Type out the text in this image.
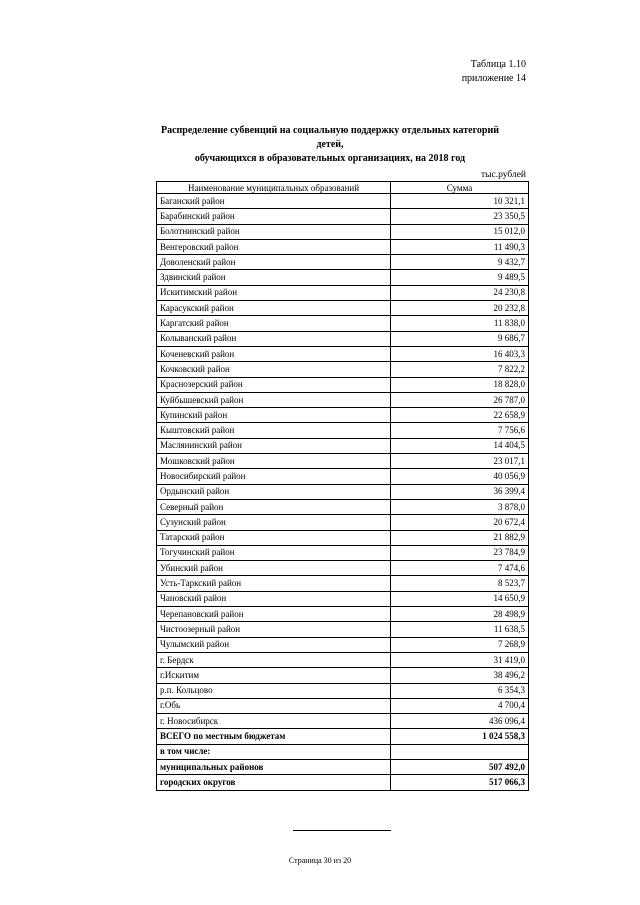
Таблица 1.10
приложение 14
Распределение субвенций на социальную поддержку отдельных категорий детей,
обучающихся в образовательных организациях, на 2018 год
тыс.рублей
Наименование муниципальных образований	Сумма
Баганский район	10 321,1
Барабинский район	23 350,5
Болотнинский район	15 012,0
Венгеровский район	11 490,3
Доволенский район	9 432,7
Здвинский район	9 489,5
Искитимский район	24 230,8
Карасукский район	20 232,8
Каргатский район	11 838,0
Колыванский район	9 686,7
Коченевский район	16 403,3
Кочковский район	7 822,2
Краснозерский район	18 828,0
Куйбышевский район	26 787,0
Купинский район	22 658,9
Кыштовский район	7 756,6
Маслянинский район	14 404,5
Мошковский район	23 017,1
Новосибирский район	40 056,9
Ордынский район	36 399,4
Северный район	3 878,0
Сузунский район	20 672,4
Татарский район	21 882,9
Тогучинский район	23 784,9
Убинский район	7 474,6
Усть-Таркский район	8 523,7
Чановский район	14 650,9
Черепановский район	28 498,9
Чистоозерный район	11 638,5
Чулымский район	7 268,9
г. Бердск	31 419,0
г.Искитим	38 496,2
р.п. Кольцово	6 354,3
г.Обь	4 700,4
г. Новосибирск	436 096,4
ВСЕГО по местным бюджетам	1 024 558,3
в том числе:	
муниципальных районов	507 492,0
городских округов	517 066,3
Страница 30 из 20
